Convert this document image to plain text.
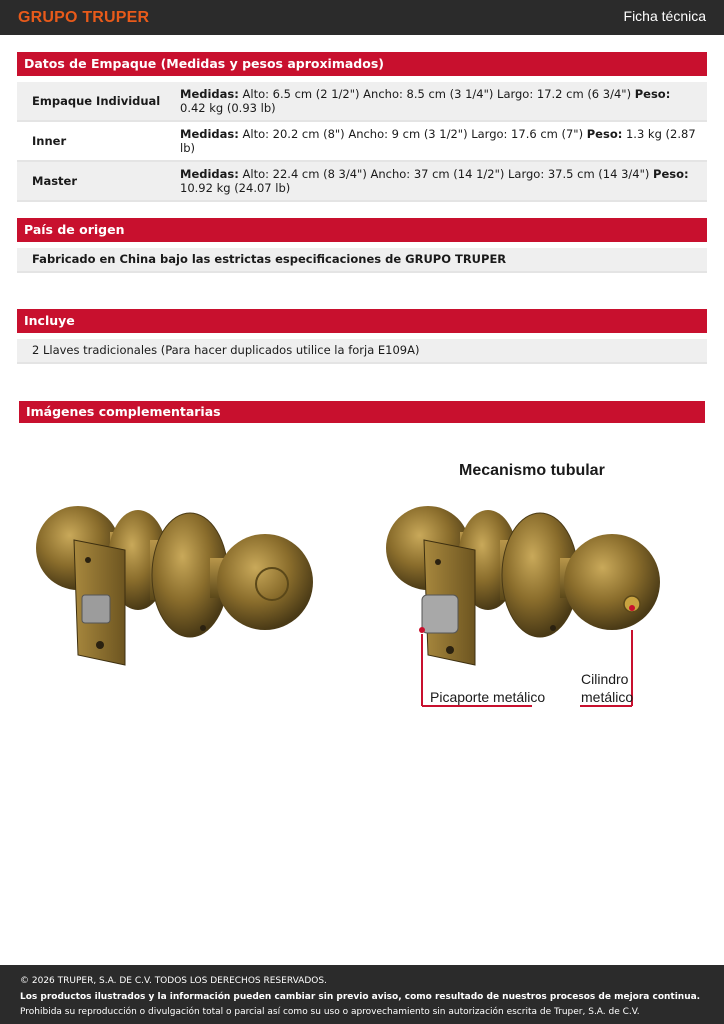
GRUPO TRUPER	Ficha técnica
Datos de Empaque (Medidas y pesos aproximados)
Empaque Individual	Medidas: Alto: 6.5 cm (2 1/2") Ancho: 8.5 cm (3 1/4") Largo: 17.2 cm (6 3/4") Peso: 0.42 kg (0.93 lb)
Inner	Medidas: Alto: 20.2 cm (8") Ancho: 9 cm (3 1/2") Largo: 17.6 cm (7") Peso: 1.3 kg (2.87 lb)
Master	Medidas: Alto: 22.4 cm (8 3/4") Ancho: 37 cm (14 1/2") Largo: 37.5 cm (14 3/4") Peso: 10.92 kg (24.07 lb)
País de origen
Fabricado en China bajo las estrictas especificaciones de GRUPO TRUPER
Incluye
2 Llaves tradicionales (Para hacer duplicados utilice la forja E109A)
Imágenes complementarias
Mecanismo tubular
Picaporte metálico
Cilindro
metálico
© 2026 TRUPER, S.A. DE C.V. TODOS LOS DERECHOS RESERVADOS.
Los productos ilustrados y la información pueden cambiar sin previo aviso, como resultado de nuestros procesos de mejora continua.
Prohibida su reproducción o divulgación total o parcial así como su uso o aprovechamiento sin autorización escrita de Truper, S.A. de C.V.
